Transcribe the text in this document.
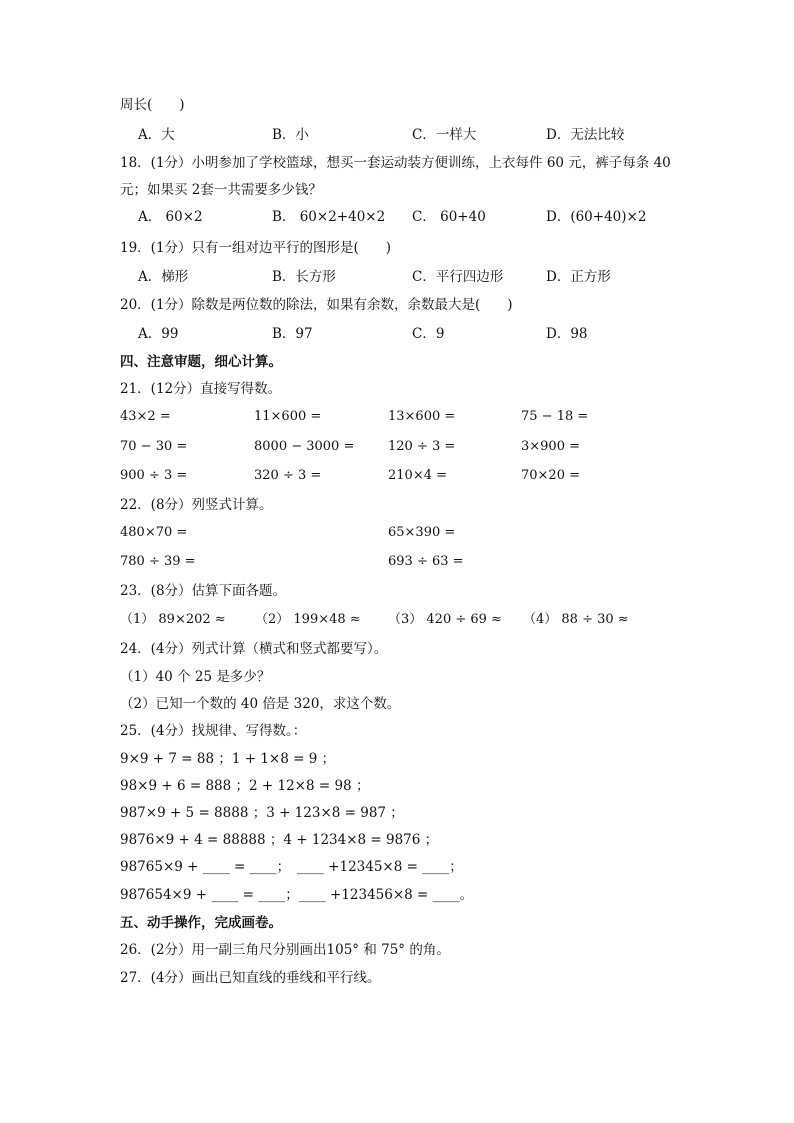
周长(　　)
A．大	B．小	C．一样大	D．无法比较
18．(1分）小明参加了学校篮球，想买一套运动装方便训练，上衣每件 60 元，裤子每条 40
元；如果买 2套一共需要多少钱？
A． 60×2	B． 60×2+40×2 C． 60+40	D．(60+40)×2
19．(1分）只有一组对边平行的图形是(　　)
A．梯形	B．长方形	C．平行四边形	D．正方形
20．(1分）除数是两位数的除法，如果有余数，余数最大是(　　)
A．99	B．97	C．9	D．98
四、注意审题，细心计算。
21．(12分）直接写得数。
43×2 =	11×600 =	13×600 =	75 − 18 =
70 − 30 =	8000 − 3000 =	120 ÷ 3 =	3×900 =
900 ÷ 3 =	320 ÷ 3 =	210×4 =	70×20 =
22．(8分）列竖式计算。
480×70 =	65×390 =
780 ÷ 39 =	693 ÷ 63 =
23．(8分）估算下面各题。
（1） 89×202 ≈ （2） 199×48 ≈ （3） 420 ÷ 69 ≈ （4） 88 ÷ 30 ≈
24．(4分）列式计算（横式和竖式都要写）。
（1）40 个 25 是多少？
（2）已知一个数的 40 倍是 320，求这个数。
25．(4分）找规律、写得数。：
9×9 + 7 = 88 ；1 + 1×8 = 9 ；
98×9 + 6 = 888 ；2 + 12×8 = 98 ；
987×9 + 5 = 8888 ；3 + 123×8 = 987 ；
9876×9 + 4 = 88888 ；4 + 1234×8 = 9876 ；
98765×9 + ____ = ____；　____ +12345×8 = ____；
987654×9 + ____ = ____；____ +123456×8 = ____。
五、动手操作，完成画卷。
26．(2分）用一副三角尺分别画出105° 和 75° 的角。
27．(4分）画出已知直线的垂线和平行线。
